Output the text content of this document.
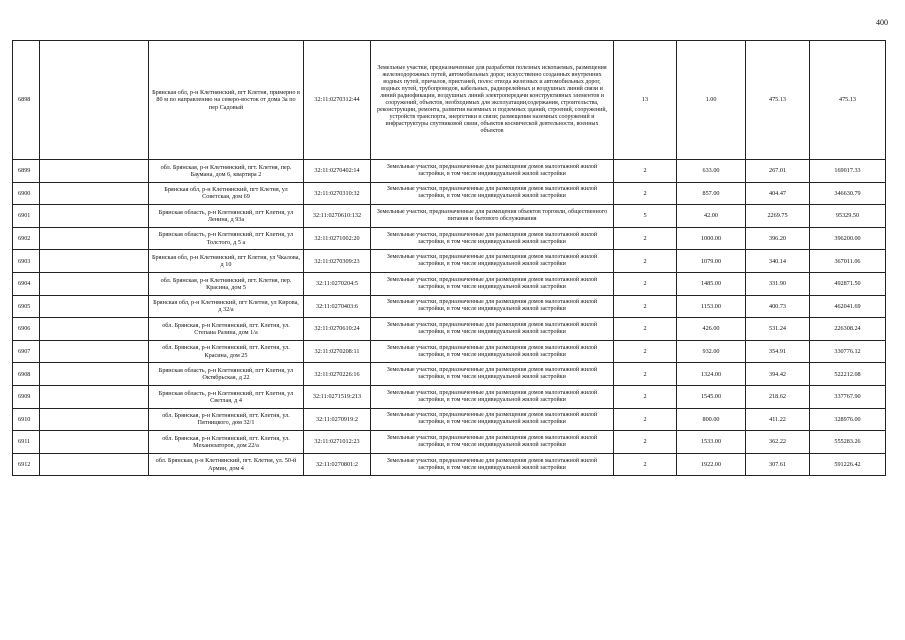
400
6898		Брянская обл, р-н Клетнянский, пгт Клетня, примерно в 80 м по направлению на северо-восток от дома 3а по пер Садовый	32:11:0270312:44	Земельные участки, предназначенные для разработки полезных ископаемых, размещения железнодорожных путей, автомобильных дорог, искусственно созданных внутренних водных путей, причалов, пристаней, полос отвода железных и автомобильных дорог, водных путей, трубопроводов, кабельных, радиорелейных и воздушных линий связи и линий радиофикации, воздушных линий электропередачи конструктивных элементов и сооружений, объектов, необходимых для эксплуатации,содержания, строительства, реконструкции, ремонта, развития наземных и подземных зданий, строений, сооружений, устройств транспорта, энергетики и связи; размещения наземных сооружений и инфраструктуры спутниковой связи, объектов космической деятельности, военных объектов	13	1.00	475.13	475.13
6899		обл. Брянская, р-н Клетнянский, пгт. Клетня, пер. Баумана, дом 6, квартира 2	32:11:0270402:14	Земельные участки, предназначенные для размещения домов малоэтажной жилой застройки, в том числе индивидуальной жилой застройки	2	633.00	267.01	169017.33
6900		Брянская обл, р-н Клетнянский, пгт Клетня, ул Советская, дом 69	32:11:0270310:32	Земельные участки, предназначенные для размещения домов малоэтажной жилой застройки, в том числе индивидуальной жилой застройки	2	857.00	404.47	346630.79
6901		Брянская область, р-н Клетнянский, пгт Клетня, ул Ленина, д 93а	32:11:0270610:132	Земельные участки, предназначенные для размещения объектов торговли, общественного питания и бытового обслуживания	5	42.00	2269.75	95329.50
6902		Брянская область, р-н Клетнянский, пгт Клетня, ул Толстого, д 5 а	32:11:0271002:20	Земельные участки, предназначенные для размещения домов малоэтажной жилой застройки, в том числе индивидуальной жилой застройки	2	1000.00	396.20	396200.00
6903		Брянская обл, р-н Клетнянский, пгт Клетня, ул Чкалова, д 10	32:11:0270309:23	Земельные участки, предназначенные для размещения домов малоэтажной жилой застройки, в том числе индивидуальной жилой застройки	2	1079.00	340.14	367011.06
6904		обл. Брянская, р-н Клетнянский, пгт. Клетня, пер. Красина, дом 5	32:11:0270204:5	Земельные участки, предназначенные для размещения домов малоэтажной жилой застройки, в том числе индивидуальной жилой застройки	2	1485.00	331.90	492871.50
6905		Брянская обл, р-н Клетнянский, пгт Клетня, ул Кирова, д 32/а	32:11:0270403:6	Земельные участки, предназначенные для размещения домов малоэтажной жилой застройки, в том числе индивидуальной жилой застройки	2	1153.00	400.73	462041.69
6906		обл. Брянская, р-н Клетнянский, пгт. Клетня, ул. Степана Разина, дом 1/а	32:11:0270610:24	Земельные участки, предназначенные для размещения домов малоэтажной жилой застройки, в том числе индивидуальной жилой застройки	2	426.00	531.24	226308.24
6907		обл. Брянская, р-н Клетнянский, пгт. Клетня, ул. Красина, дом 25	32:11:0270208:11	Земельные участки, предназначенные для размещения домов малоэтажной жилой застройки, в том числе индивидуальной жилой застройки	2	932.00	354.91	330776.12
6908		Брянская область, р-н Клетнянский, пгт Клетня, ул Октябрьская, д 22	32:11:0270226:16	Земельные участки, предназначенные для размещения домов малоэтажной жилой застройки, в том числе индивидуальной жилой застройки	2	1324.00	394.42	522212.08
6909		Брянская область, р-н Клетнянский, пгт Клетня, ул Светлая, д 4	32:11:0271519:213	Земельные участки, предназначенные для размещения домов малоэтажной жилой застройки, в том числе индивидуальной жилой застройки	2	1545.00	218.62	337767.90
6910		обл. Брянская, р-н Клетнянский, пгт. Клетня, ул. Пятницкого, дом 32/1	32:11:0270919:2	Земельные участки, предназначенные для размещения домов малоэтажной жилой застройки, в том числе индивидуальной жилой застройки	2	800.00	411.22	328976.00
6911		обл. Брянская, р-н Клетнянский, пгт. Клетня, ул. Механизаторов, дом 22/а	32:11:0271012:23	Земельные участки, предназначенные для размещения домов малоэтажной жилой застройки, в том числе индивидуальной жилой застройки	2	1533.00	362.22	555283.26
6912		обл. Брянская, р-н Клетнянский, пгт. Клетня, ул. 50-й Армии, дом 4	32:11:0270801:2	Земельные участки, предназначенные для размещения домов малоэтажной жилой застройки, в том числе индивидуальной жилой застройки	2	1922.00	307.61	591226.42
